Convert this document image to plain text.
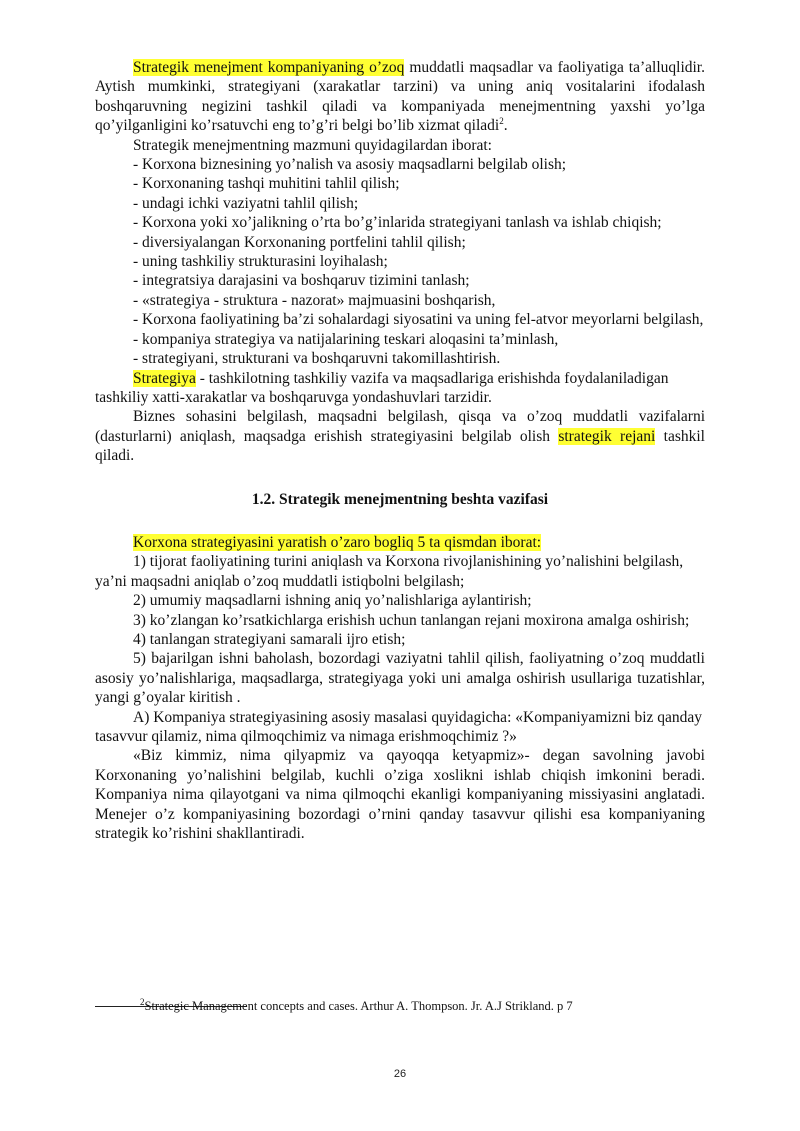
Strategik menejment kompaniyaning o’zoq muddatli maqsadlar va faoliyatiga ta’alluqlidir. Aytish mumkinki, strategiyani (xarakatlar tarzini) va uning aniq vositalarini ifodalash boshqaruvning negizini tashkil qiladi va kompaniyada menejmentning yaxshi yo’lga qo’yilganligini ko’rsatuvchi eng to’g’ri belgi bo’lib xizmat qiladi$^2$.

Strategik menejmentning mazmuni quyidagilardan iborat:

- Korxona biznesining yo’nalish va asosiy maqsadlarni belgilab olish;

- Korxonaning tashqi muhitini tahlil qilish;

- undagi ichki vaziyatni tahlil qilish;

- Korxona yoki xo’jalikning o’rta bo’g’inlarida strategiyani tanlash va ishlab chiqish;

- diversiyalangan Korxonaning portfelini tahlil qilish;

- uning tashkiliy strukturasini loyihalash;

- integratsiya darajasini va boshqaruv tizimini tanlash;

- «strategiya - struktura - nazorat» majmuasini boshqarish,

- Korxona faoliyatining ba’zi sohalardagi siyosatini va uning fel-atvor meyorlarni belgilash,

- kompaniya strategiya va natijalarining teskari aloqasini ta’minlash,

- strategiyani, strukturani va boshqaruvni takomillashtirish.

Strategiya - tashkilotning tashkiliy vazifa va maqsadlariga erishishda foydalaniladigan tashkiliy xatti-xarakatlar va boshqaruvga yondashuvlari tarzidir.

Biznes sohasini belgilash, maqsadni belgilash, qisqa va o’zoq muddatli vazifalarni (dasturlarni) aniqlash, maqsadga erishish strategiyasini belgilab olish strategik rejani tashkil qiladi.

1.2. Strategik menejmentning beshta vazifasi

Korxona strategiyasini yaratish o’zaro bogliq 5 ta qismdan iborat:

1) tijorat faoliyatining turini aniqlash va Korxona rivojlanishining yo’nalishini belgilash, ya’ni maqsadni aniqlab o’zoq muddatli istiqbolni belgilash;

2) umumiy maqsadlarni ishning aniq yo’nalishlariga aylantirish;

3) ko’zlangan ko’rsatkichlarga erishish uchun tanlangan rejani moxirona amalga oshirish;

4) tanlangan strategiyani samarali ijro etish;

5) bajarilgan ishni baholash, bozordagi vaziyatni tahlil qilish, faoliyatning o’zoq muddatli asosiy yo’nalishlariga, maqsadlarga, strategiyaga yoki uni amalga oshirish usullariga tuzatishlar, yangi g’oyalar kiritish .

A) Kompaniya strategiyasining asosiy masalasi quyidagicha: «Kompaniyamizni biz qanday tasavvur qilamiz, nima qilmoqchimiz va nimaga erishmoqchimiz ?»

«Biz kimmiz, nima qilyapmiz va qayoqqa ketyapmiz»- degan savolning javobi Korxonaning yo’nalishini belgilab, kuchli o’ziga xoslikni ishlab chiqish imkonini beradi. Kompaniya nima qilayotgani va nima qilmoqchi ekanligi kompaniyaning missiyasini anglatadi. Menejer o’z kompaniyasining bozordagi o’rnini qanday tasavvur qilishi esa kompaniyaning strategik ko’rishini shakllantiradi.

$^2$Strategic Management concepts and cases. Arthur A. Thompson. Jr. A.J Strikland. p 7
26
